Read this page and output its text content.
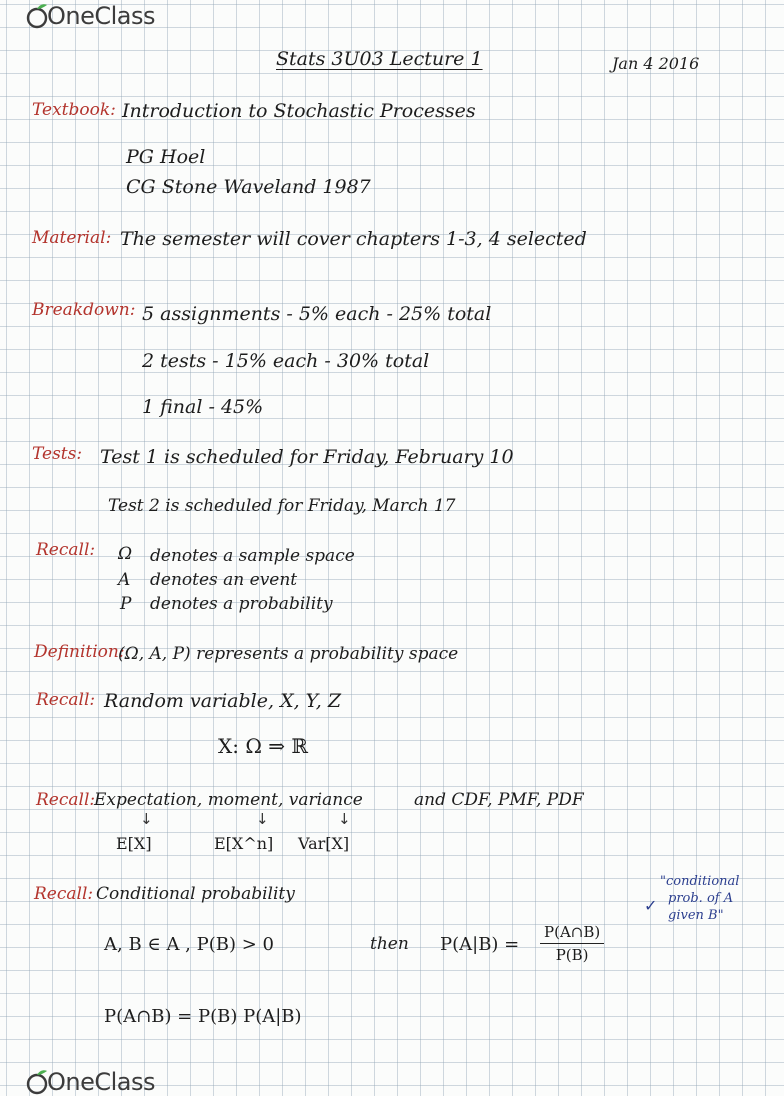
OneClass
Stats 3U03 Lecture 1	Jan 4 2016
Textbook: Introduction to Stochastic Processes
PG Hoel
CG Stone Waveland 1987
Material: The semester will cover chapters 1-3, 4 selected
Breakdown: 5 assignments - 5% each - 25% total
2 tests - 15% each - 30% total
1 final - 45%
Tests: Test 1 is scheduled for Friday, February 10
Test 2 is scheduled for Friday, March 17
Recall: Ω denotes a sample space
A denotes an event
P denotes a probability
Definition:
(Ω, A, P) represents a probability space
Recall: Random variable, X, Y, Z
X: Ω ⇒ ℝ
Recall:
Expectation, moment, variance	and CDF, PMF, PDF
↓	↓	↓
E[X]	E[X^n] Var[X]
Recall: Conditional probability
A, B ∈ A , P(B) > 0	then $P(A|B) = \frac{P(A\cap B)}{P(B)}$
"conditional
prob. of A
given B"
✓
P(A∩B) = P(B) P(A|B)
OneClass
